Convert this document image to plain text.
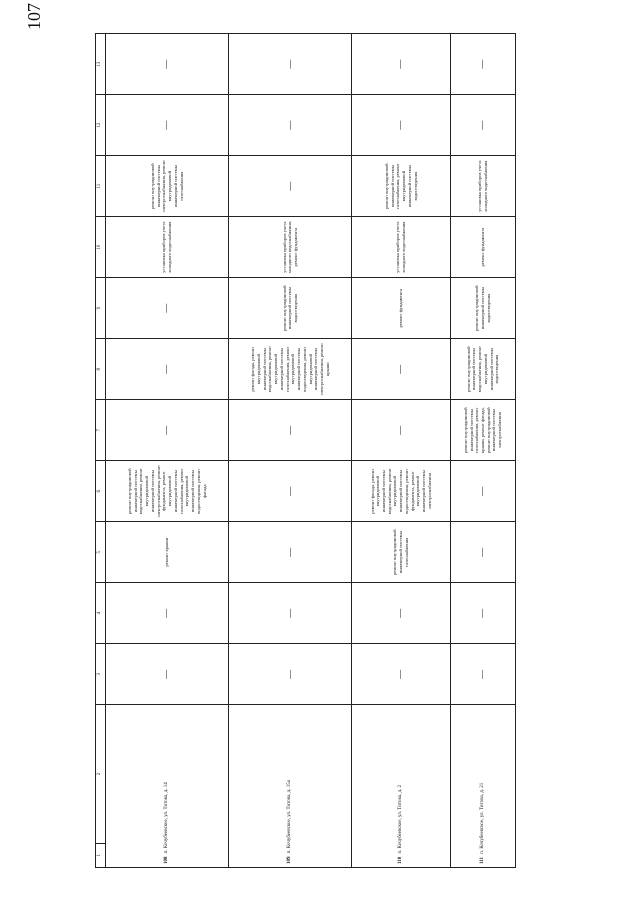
107
1	2	3	4	5	6	7	8	9	10	11	12	13
108 п. Кочубеевское, ул. Титова, д. 14		—	—	ремонт крыши	ремонт внутридомовой инженерной системы водоснабжения, ремонт внутридомовой инженерной системы электроснабжения, ремонт фундамента, ремонт внутридомовой инженерной системы газоснабжения, ремонт внутридомовой инженерной системы водоотведения, ремонт фасада	—	—	—	установка приборов учета холодного водоснабжения	ремонт внутридомовой инженерной системы электроснабжения, ремонт внутридомовой инженерной системы газоснабжения	—	—
109 п. Кочубеевское, ул. Титова, д. 15а		—	—	—	—	—	ремонт фасада, ремонт внутридомовой инженерной системы водоснабжения, ремонт внутридомовой инженерной системы газоснабжения, ремонт внутридомовой инженерной системы водоотведения, ремонт внутридомовой инженерной системы электроснабжения, ремонт крыши	ремонт внутридомовой инженерной системы водоотведения	установка приборов учета холодного водоснабжения, ремонт фундамента	—	—	—
110 п. Кочубеевское, ул. Титова, д. 2		—	—	ремонт внутридомовой инженерной системы газоснабжения	ремонт фасада, ремонт внутридомовой инженерной системы водоснабжения, ремонт внутридомовой инженерной системы водоотведения, ремонт фундамента, ремонт внутридомовой инженерной системы электроснабжения	—	—	ремонт фундамента	установка приборов учета холодного водоснабжения	ремонт внутридомовой инженерной системы газоснабжения, ремонт внутридомовой инженерной системы водоотведения	—	—
111 п. Кочубеевское, ул. Титова, д. 21		—	—	—	—	ремонт внутридомовой инженерной системы газоснабжения, ремонт крыши, ремонт фасада, ремонт внутридомовой инженерной системы электроснабжения	ремонт внутридомовой инженерной системы водоснабжения, ремонт внутридомовой инженерной системы водоотведения	ремонт внутридомовой инженерной системы водоотведения	ремонт фундамента	установка приборов учета холодного водоснабжения	—	—
